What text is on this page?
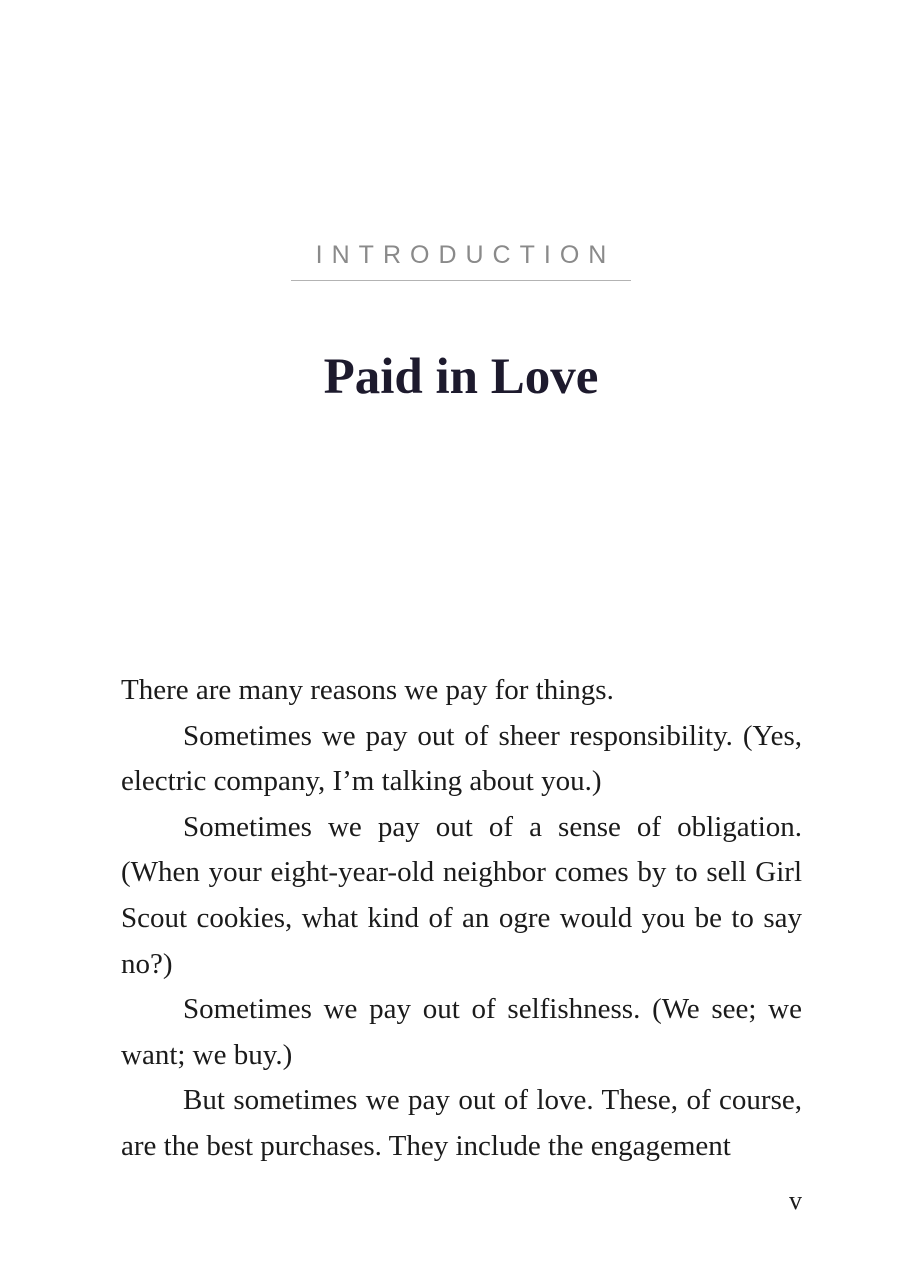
INTRODUCTION
Paid in Love

There are many reasons we pay for things.

Sometimes we pay out of sheer responsibility. (Yes, electric company, I’m talking about you.)

Sometimes we pay out of a sense of obligation. (When your eight-year-old neighbor comes by to sell Girl Scout cookies, what kind of an ogre would you be to say no?)

Sometimes we pay out of selfishness. (We see; we want; we buy.)

But sometimes we pay out of love. These, of course, are the best purchases. They include the engagement

v
